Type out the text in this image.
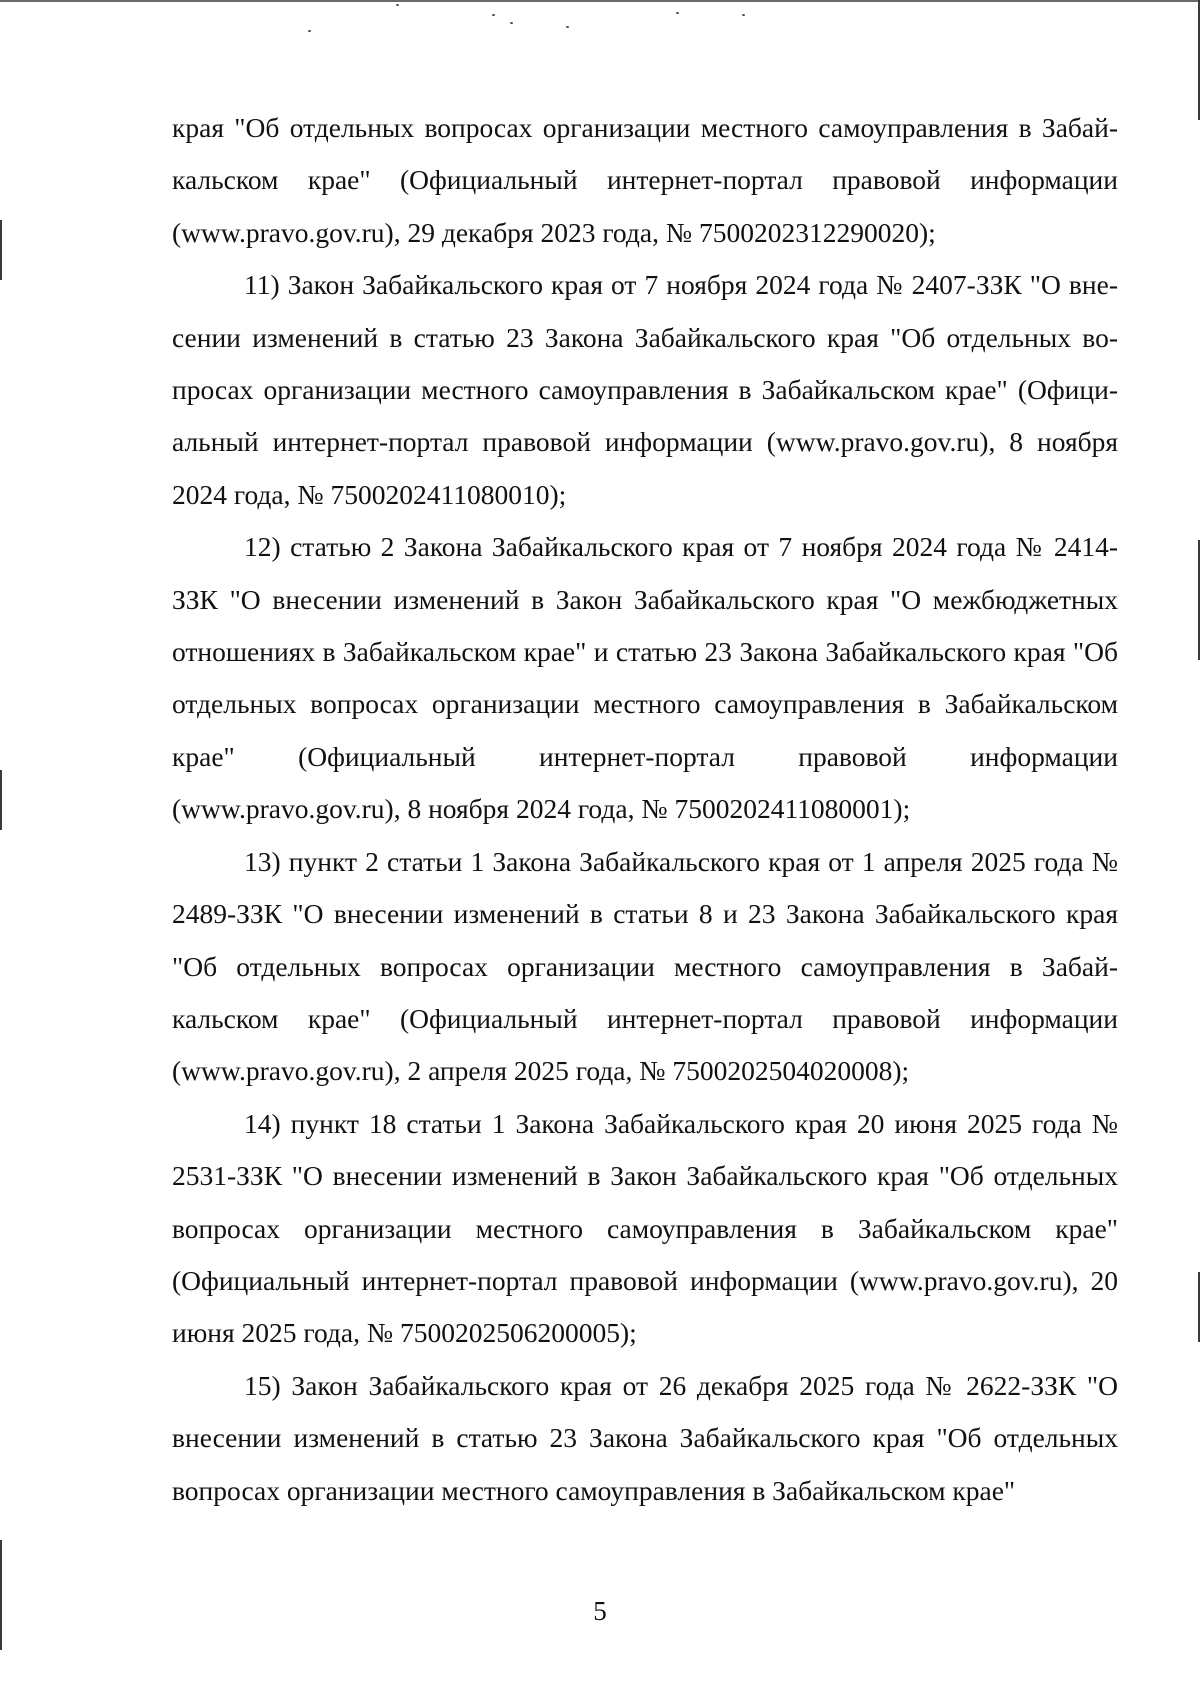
края "Об отдельных вопросах организации местного самоуправления в Забайкальском крае" (Официальный интернет-портал правовой информации (www.pravo.gov.ru), 29 декабря 2023 года, № 7500202312290020);

11) Закон Забайкальского края от 7 ноября 2024 года № 2407-ЗЗК "О внесении изменений в статью 23 Закона Забайкальского края "Об отдельных вопросах организации местного самоуправления в Забайкальском крае" (Официальный интернет-портал правовой информации (www.pravo.gov.ru), 8 ноября 2024 года, № 7500202411080010);

12) статью 2 Закона Забайкальского края от 7 ноября 2024 года № 2414-ЗЗК "О внесении изменений в Закон Забайкальского края "О межбюджетных отношениях в Забайкальском крае" и статью 23 Закона Забайкальского края "Об отдельных вопросах организации местного самоуправления в Забайкальском крае" (Официальный интернет-портал правовой информации (www.pravo.gov.ru), 8 ноября 2024 года, № 7500202411080001);

13) пункт 2 статьи 1 Закона Забайкальского края от 1 апреля 2025 года № 2489-ЗЗК "О внесении изменений в статьи 8 и 23 Закона Забайкальского края "Об отдельных вопросах организации местного самоуправления в Забайкальском крае" (Официальный интернет-портал правовой информации (www.pravo.gov.ru), 2 апреля 2025 года, № 7500202504020008);

14) пункт 18 статьи 1 Закона Забайкальского края 20 июня 2025 года № 2531-ЗЗК "О внесении изменений в Закон Забайкальского края "Об отдельных вопросах организации местного самоуправления в Забайкальском крае" (Официальный интернет-портал правовой информации (www.pravo.gov.ru), 20 июня 2025 года, № 7500202506200005);

15) Закон Забайкальского края от 26 декабря 2025 года № 2622-ЗЗК "О внесении изменений в статью 23 Закона Забайкальского края "Об отдельных вопросах организации местного самоуправления в Забайкальском крае"

5
